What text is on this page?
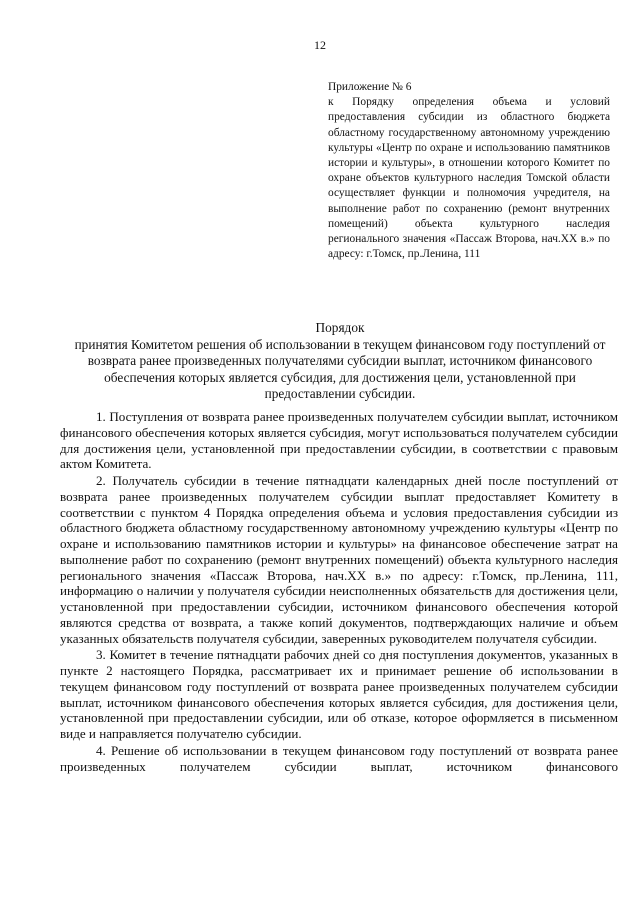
12
Приложение № 6
к Порядку определения объема и условий предоставления субсидии из областного бюджета областному государственному автономному учреждению культуры «Центр по охране и использованию памятников истории и культуры», в отношении которого Комитет по охране объектов культурного наследия Томской области осуществляет функции и полномочия учредителя, на выполнение работ по сохранению (ремонт внутренних помещений) объекта культурного наследия регионального значения «Пассаж Второва, нач.XX в.» по адресу: г.Томск, пр.Ленина, 111
Порядок
принятия Комитетом решения об использовании в текущем финансовом году поступлений от возврата ранее произведенных получателями субсидии выплат, источником финансового обеспечения которых является субсидия, для достижения цели, установленной при предоставлении субсидии.

1. Поступления от возврата ранее произведенных получателем субсидии выплат, источником финансового обеспечения которых является субсидия, могут использоваться получателем субсидии для достижения цели, установленной при предоставлении субсидии, в соответствии с правовым актом Комитета.

2. Получатель субсидии в течение пятнадцати календарных дней после поступлений от возврата ранее произведенных получателем субсидии выплат предоставляет Комитету в соответствии с пунктом 4 Порядка определения объема и условия предоставления субсидии из областного бюджета областному государственному автономному учреждению культуры «Центр по охране и использованию памятников истории и культуры» на финансовое обеспечение затрат на выполнение работ по сохранению (ремонт внутренних помещений) объекта культурного наследия регионального значения «Пассаж Второва, нач.XX в.» по адресу: г.Томск, пр.Ленина, 111, информацию о наличии у получателя субсидии неисполненных обязательств для достижения цели, установленной при предоставлении субсидии, источником финансового обеспечения которой являются средства от возврата, а также копий документов, подтверждающих наличие и объем указанных обязательств получателя субсидии, заверенных руководителем получателя субсидии.

3. Комитет в течение пятнадцати рабочих дней со дня поступления документов, указанных в пункте 2 настоящего Порядка, рассматривает их и принимает решение об использовании в текущем финансовом году поступлений от возврата ранее произведенных получателем субсидии выплат, источником финансового обеспечения которых является субсидия, для достижения цели, установленной при предоставлении субсидии, или об отказе, которое оформляется в письменном виде и направляется получателю субсидии.

4. Решение об использовании в текущем финансовом году поступлений от возврата ранее произведенных получателем субсидии выплат, источником финансового
